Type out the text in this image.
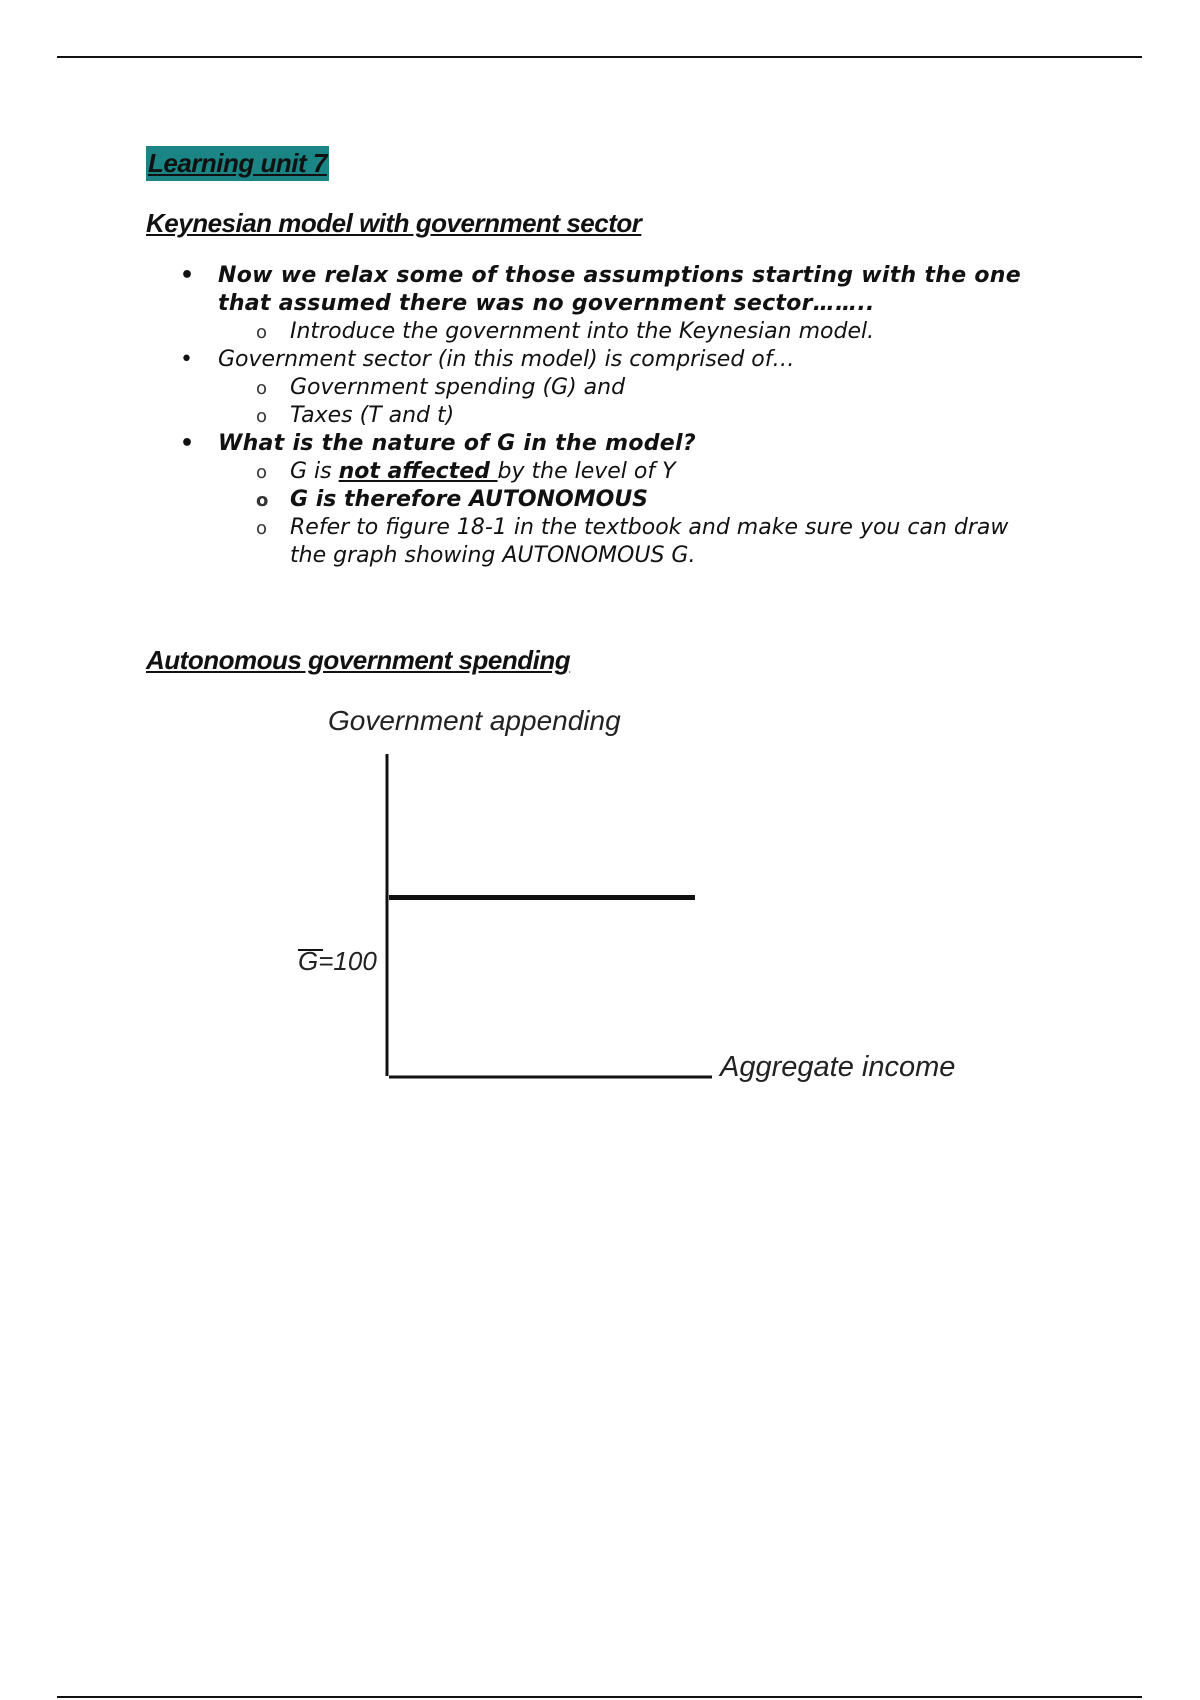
Learning unit 7
Keynesian model with government sector
• Now we relax some of those assumptions starting with the one that assumed there was no government sector……..
o Introduce the government into the Keynesian model.
• Government sector (in this model) is comprised of…
o Government spending (G) and
o Taxes (T and t)
• What is the nature of G in the model?
o G is not affected by the level of Y
o G is therefore AUTONOMOUS
o Refer to figure 18-1 in the textbook and make sure you can draw the graph showing AUTONOMOUS G.
Autonomous government spending
Government appending
Aggregate income
G=100
